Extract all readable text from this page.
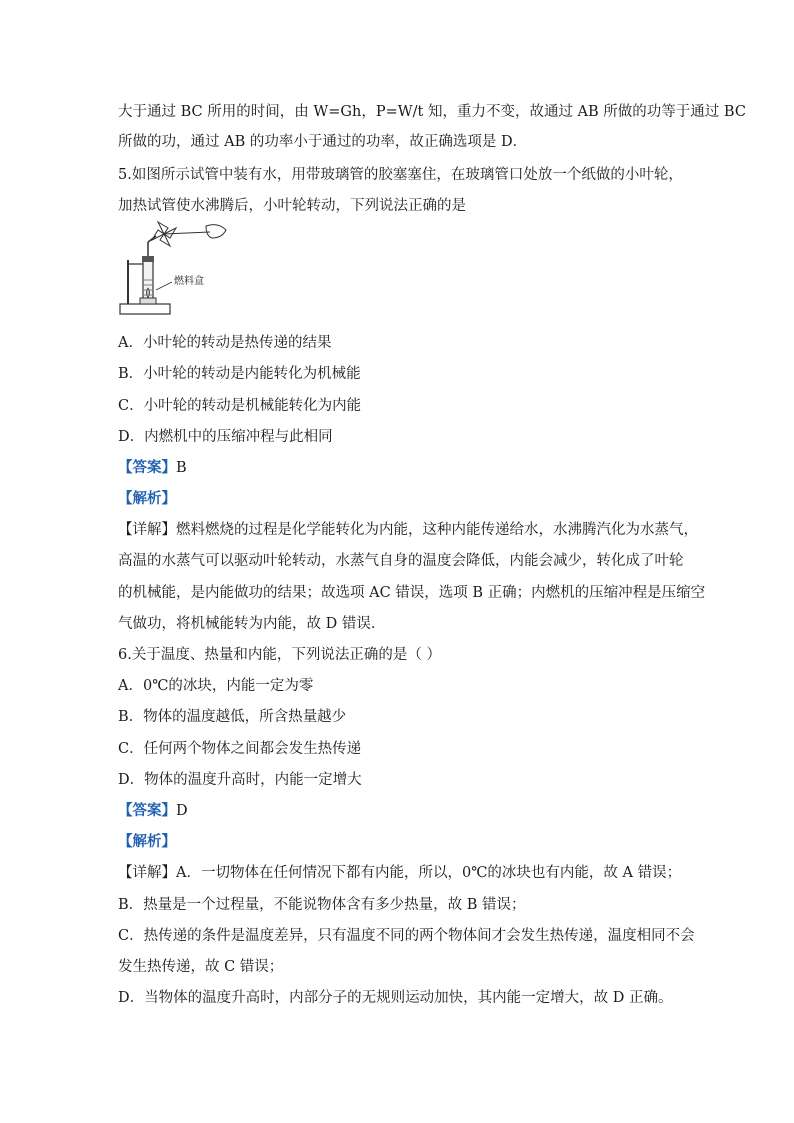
大于通过 BC 所用的时间，由 W=Gh，P=W/t 知，重力不变，故通过 AB 所做的功等于通过 BC
所做的功，通过 AB 的功率小于通过的功率，故正确选项是 D．
5.如图所示试管中装有水，用带玻璃管的胶塞塞住，在玻璃管口处放一个纸做的小叶轮，
加热试管使水沸腾后，小叶轮转动，下列说法正确的是
燃料盒
A．小叶轮的转动是热传递的结果
B．小叶轮的转动是内能转化为机械能
C．小叶轮的转动是机械能转化为内能
D．内燃机中的压缩冲程与此相同
【答案】B
【解析】
【详解】燃料燃烧的过程是化学能转化为内能，这种内能传递给水，水沸腾汽化为水蒸气，
高温的水蒸气可以驱动叶轮转动，水蒸气自身的温度会降低，内能会减少，转化成了叶轮
的机械能，是内能做功的结果；故选项 AC 错误，选项 B 正确；内燃机的压缩冲程是压缩空
气做功，将机械能转为内能，故 D 错误．
6.关于温度、热量和内能，下列说法正确的是（ ）
A．0℃的冰块，内能一定为零
B．物体的温度越低，所含热量越少
C．任何两个物体之间都会发生热传递
D．物体的温度升高时，内能一定增大
【答案】D
【解析】
【详解】A．一切物体在任何情况下都有内能，所以，0℃的冰块也有内能，故 A 错误；
B．热量是一个过程量，不能说物体含有多少热量，故 B 错误；
C．热传递的条件是温度差异，只有温度不同的两个物体间才会发生热传递，温度相同不会
发生热传递，故 C 错误；
D．当物体的温度升高时，内部分子的无规则运动加快，其内能一定增大，故 D 正确。
